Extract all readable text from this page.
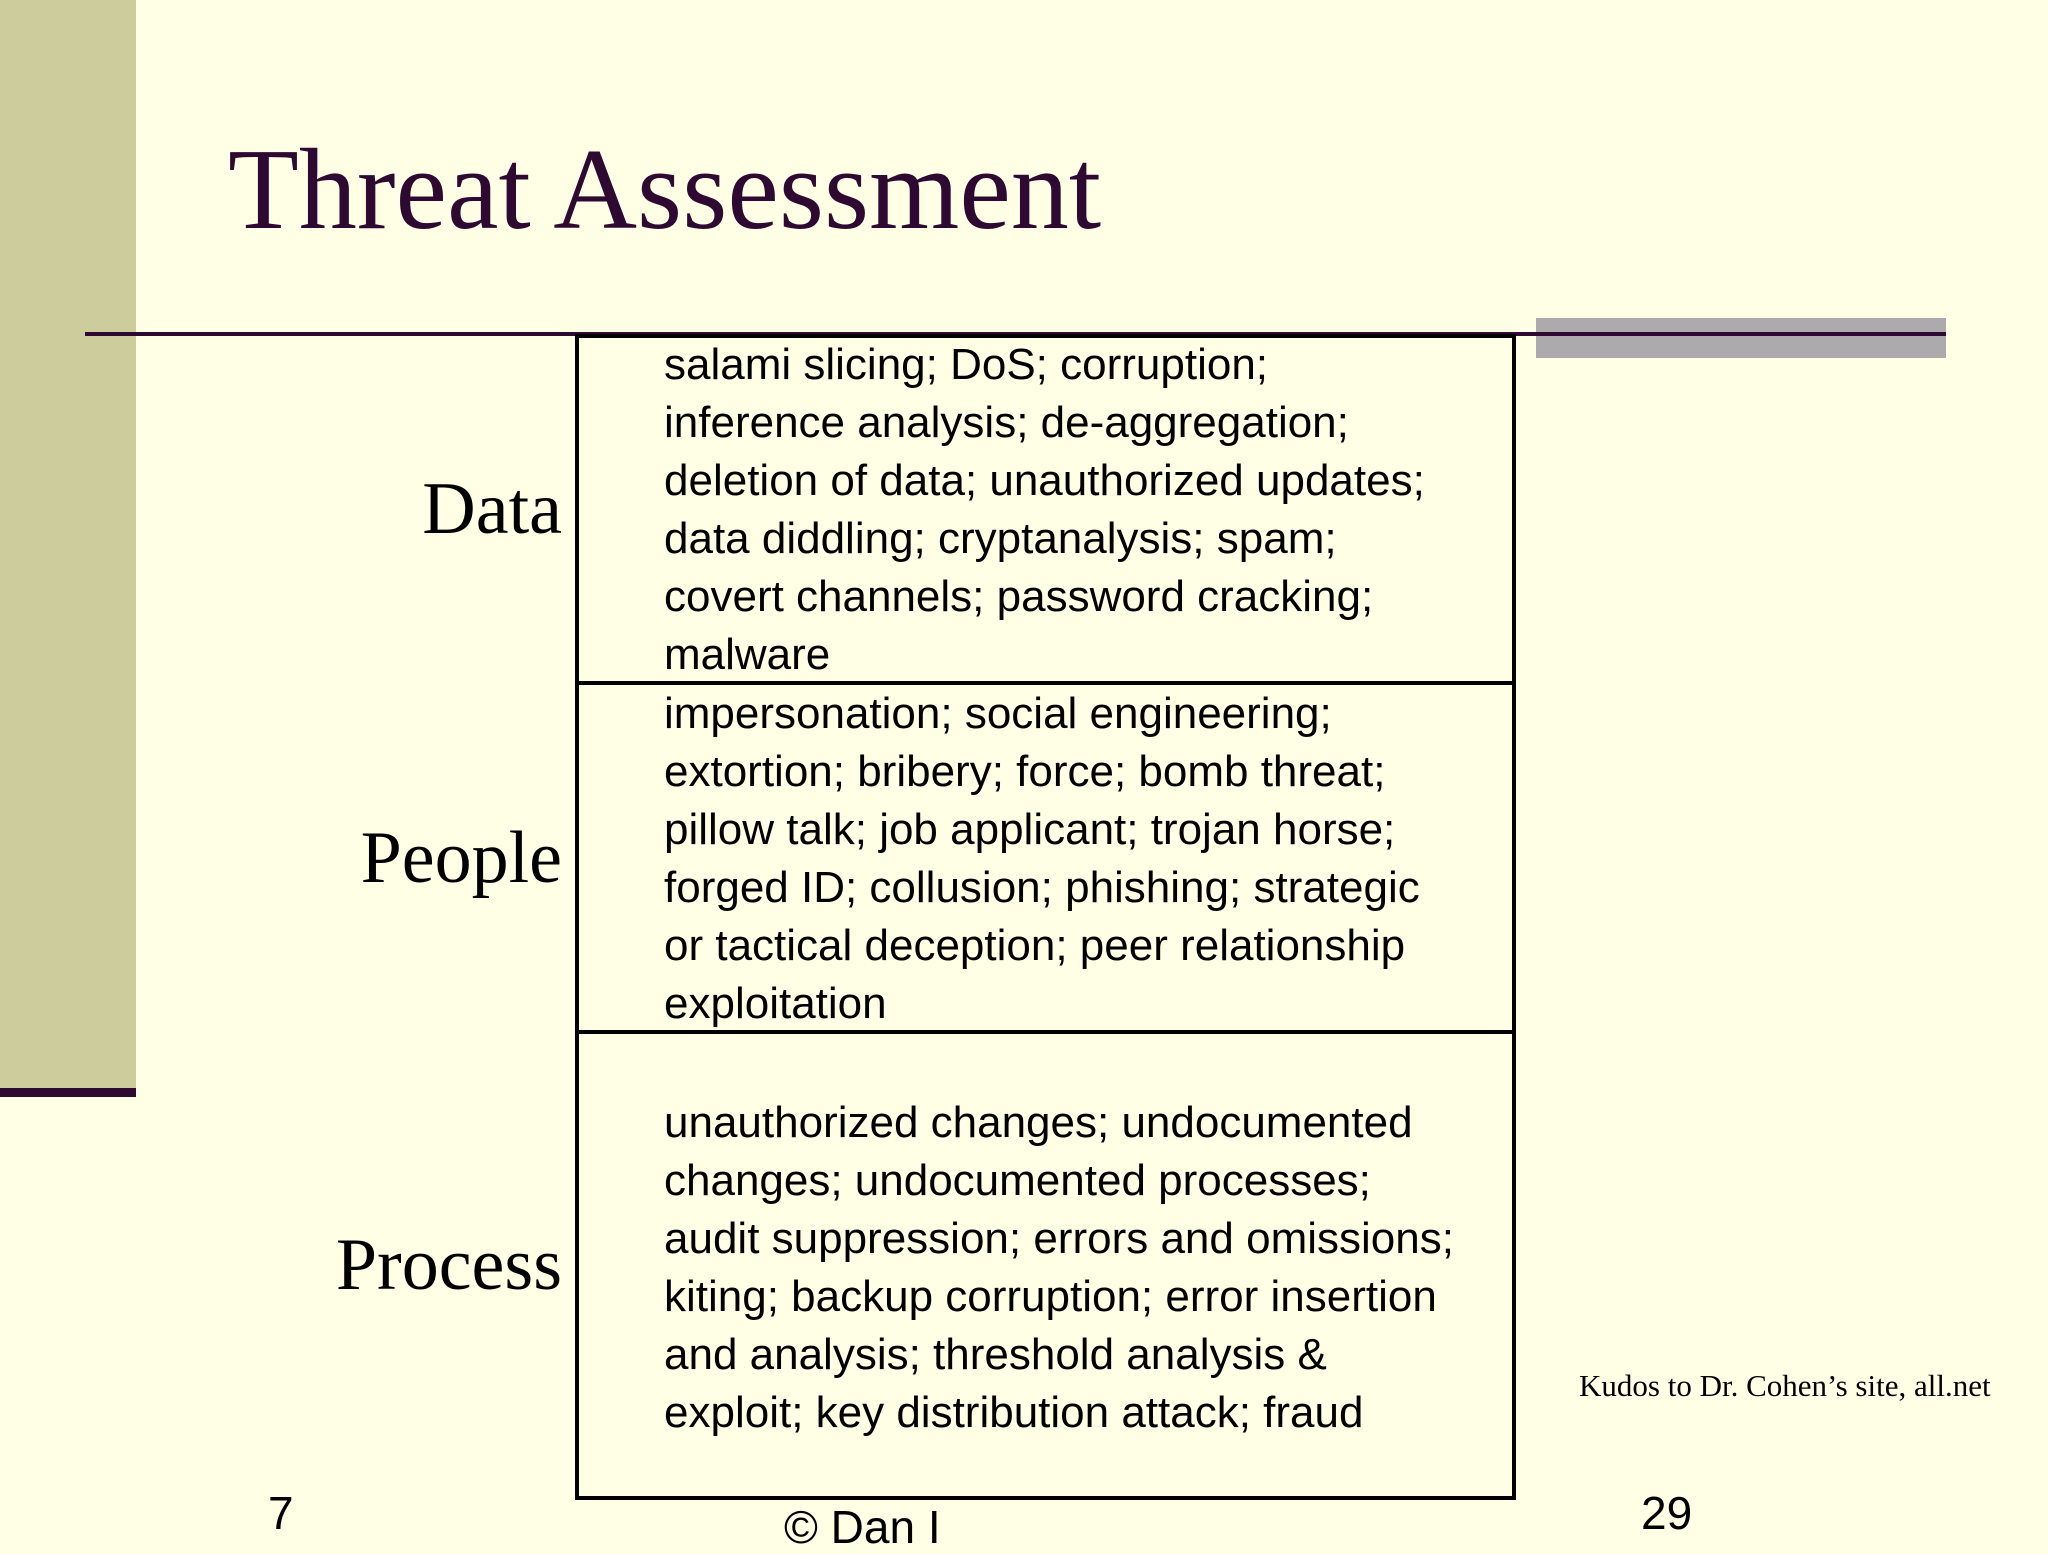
Threat Assessment
Data
salami slicing; DoS; corruption;
inference analysis; de-aggregation;
deletion of data; unauthorized updates;
data diddling; cryptanalysis; spam;
covert channels; password cracking;
malware
People
impersonation; social engineering;
extortion; bribery; force; bomb threat;
pillow talk; job applicant; trojan horse;
forged ID; collusion; phishing; strategic
or tactical deception; peer relationship
exploitation
Process
unauthorized changes; undocumented
changes; undocumented processes;
audit suppression; errors and omissions;
kiting; backup corruption; error insertion
and analysis; threshold analysis &
exploit; key distribution attack; fraud
Kudos to Dr. Cohen’s site, all.net
7	© Dan I	29
